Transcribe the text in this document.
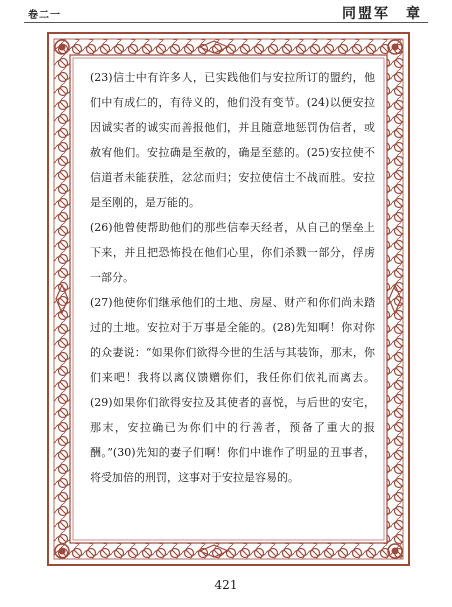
卷二一	同盟军　章

(23)信士中有许多人，已实践他们与安拉所订的盟约，他们中有成仁的，有待义的，他们没有变节。(24)以便安拉因诚实者的诚实而善报他们，并且随意地惩罚伪信者，或赦宥他们。安拉确是至赦的，确是至慈的。(25)安拉使不信道者未能获胜，忿忿而归；安拉使信士不战而胜。安拉是至刚的，是万能的。

(26)他曾使帮助他们的那些信奉天经者，从自己的堡垒上下来，并且把恐怖投在他们心里，你们杀戮一部分，俘虏一部分。

(27)他使你们继承他们的土地、房屋、财产和你们尚未踏过的土地。安拉对于万事是全能的。(28)先知啊！你对你的众妻说：“如果你们欲得今世的生活与其装饰，那末，你们来吧！我将以离仪馈赠你们，我任你们依礼而离去。(29)如果你们欲得安拉及其使者的喜悦，与后世的安宅，那末，安拉确已为你们中的行善者，预备了重大的报酬。”(30)先知的妻子们啊！你们中谁作了明显的丑事者，将受加倍的刑罚，这事对于安拉是容易的。

421
